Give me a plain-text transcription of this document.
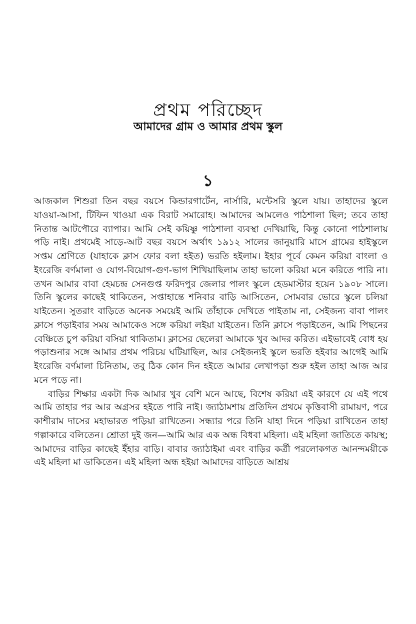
প্রথম পরিচ্ছেদ
আমাদের গ্রাম ও আমার প্রথম স্কুল
১

আজকাল শিশুরা তিন বছর বয়সে কিন্ডারগার্টেন, নার্সারি, মন্টেসরি স্কুলে যায়। তাহাদের স্কুলে যাওয়া-আসা, টিফিন খাওয়া এক বিরাট সমারোহ। আমাদের আমলেও পাঠশালা ছিল; তবে তাহা নিতান্ত আটপৌরে ব্যাপার। আমি সেই কয়িষ্ণু পাঠশালা ব্যবস্থা দেখিয়াছি, কিন্তু কোনো পাঠশালায় পড়ি নাই। প্রথমেই সাড়ে-আট বছর বয়সে অর্থাৎ ১৯১২ সালের জানুয়ারি মাসে গ্রামের হাইস্কুলে সপ্তম শ্রেণিতে (যাহাকে ক্লাস ফোর বলা হইত) ভরতি হইলাম। ইহার পূর্বে কেমন করিয়া বাংলা ও ইংরেজি বর্ণমালা ও যোগ-বিয়োগ-গুণ-ভাগ শিখিয়াছিলাম তাহা ভালো করিয়া মনে করিতে পারি না। তখন আমার বাবা হেমচন্দ্র সেনগুপ্ত ফরিদপুর জেলার পালং স্কুলে হেডমাস্টার হয়েন ১৯০৮ সালে। তিনি স্কুলের কাছেই থাকিতেন, সপ্তাহান্তে শনিবার বাড়ি আসিতেন, সোমবার ভোরে স্কুলে চলিয়া যাইতেন। সুতরাং বাড়িতে অনেক সময়েই আমি তাঁহাকে দেখিতে পাইতাম না, সেইজন্য বাবা পালং ক্লাসে পড়াইবার সময় আমাকেও সঙ্গে করিয়া লইয়া যাইতেন। তিনি ক্লাসে পড়াইতেন, আমি পিছনের বেঞ্চিতে চুপ করিয়া বসিয়া থাকিতাম। ক্লাসের ছেলেরা আমাকে খুব আদর করিত। এইভাবেই বোধ হয় পড়াশুনার সঙ্গে আমার প্রথম পরিচয় ঘটিয়াছিল, আর সেইজন্যই স্কুলে ভরতি হইবার আগেই আমি ইংরেজি বর্ণমালা চিনিতাম, তবু ঠিক কোন দিন হইতে আমার লেখাপড়া শুরু হইল তাহা আজ আর মনে পড়ে না।

বাড়ির শিক্ষার একটা দিক আমার খুব বেশি মনে আছে, বিশেষ করিয়া এই কারণে যে এই পথে আমি তাহার পর আর অগ্রসর হইতে পারি নাই। জ্যাঠামশায় প্রতিদিন প্রথমে কৃত্তিবাসী রামায়ণ, পরে কাশীরাম দাসের মহাভারত পড়িয়া রাখিতেন। সন্ধ্যার পরে তিনি যাহা দিনে পড়িয়া রাখিতেন তাহা গল্পাকারে বলিতেন। শ্রোতা দুই জন—আমি আর এক অন্ধ বিধবা মহিলা। এই মহিলা জাতিতে কায়স্থ; আমাদের বাড়ির কাছেই ইঁহার বাড়ি। বাবার জ্যাঠাইমা এবং বাড়ির কর্ত্রী পরলোকগত আনন্দময়ীকে এই মহিলা মা ডাকিতেন। এই মহিলা অন্ধ হইয়া আমাদের বাড়িতে আশ্রয়
